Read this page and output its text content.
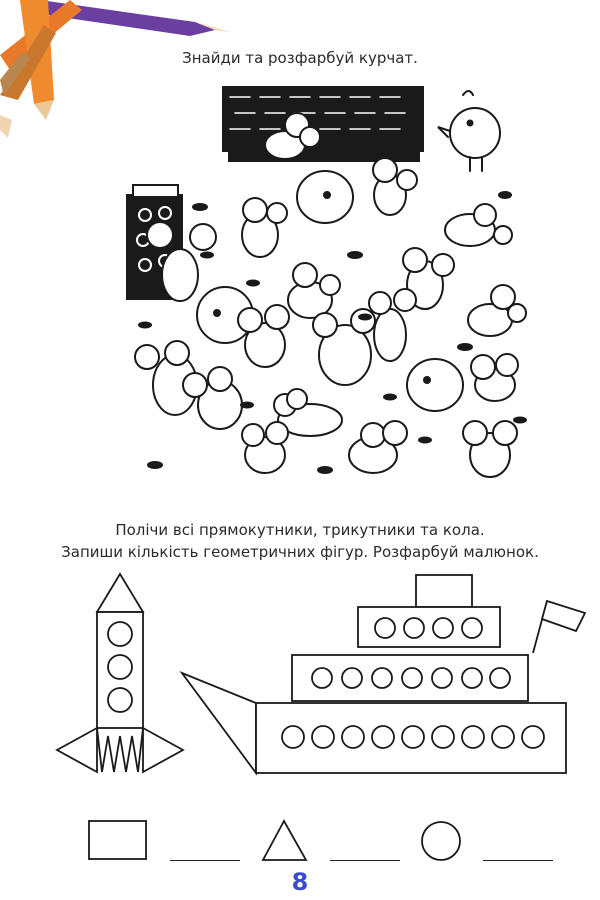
Знайди та розфарбуй курчат.
Полічи всі прямокутники, трикутники та кола.
Запиши кількість геометричних фігур. Розфарбуй малюнок.
8
